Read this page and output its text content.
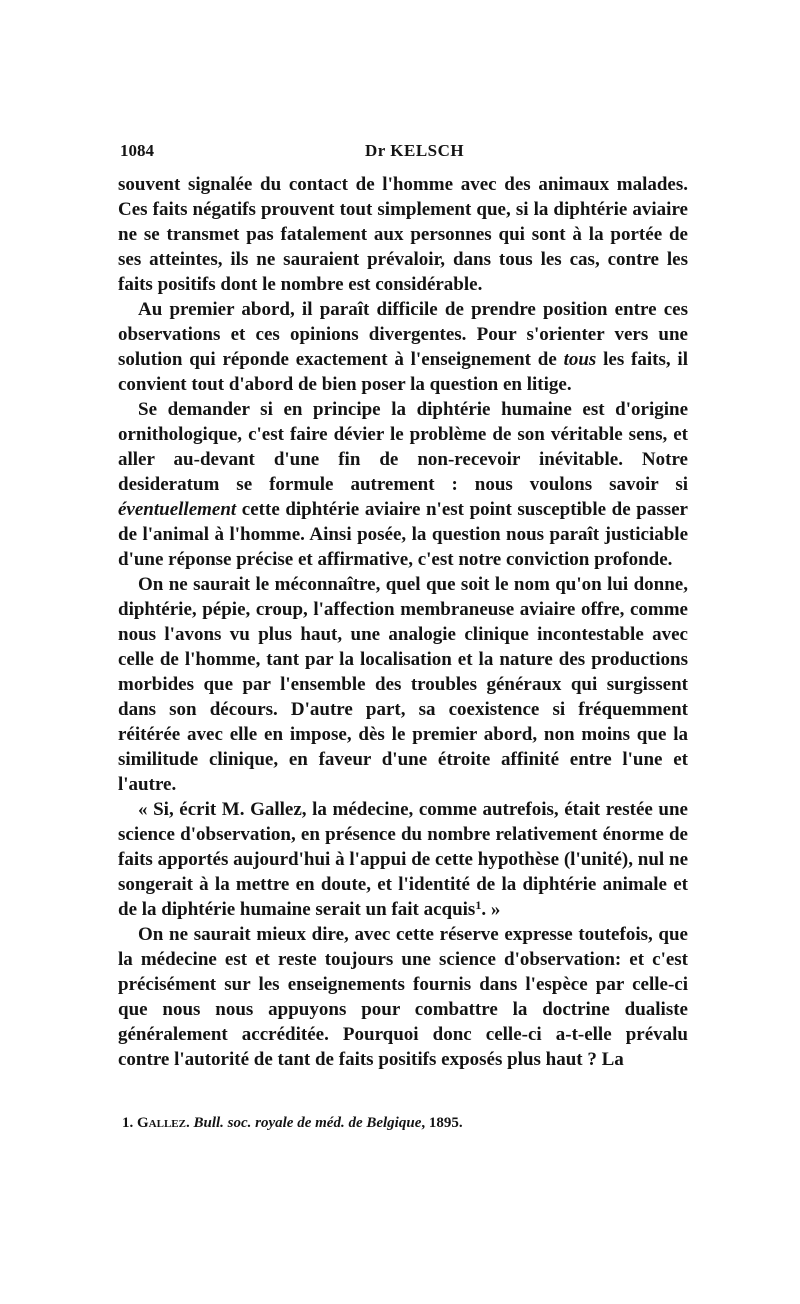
1084	Dr KELSCH

souvent signalée du contact de l'homme avec des animaux malades. Ces faits négatifs prouvent tout simplement que, si la diphtérie aviaire ne se transmet pas fatalement aux personnes qui sont à la portée de ses atteintes, ils ne sauraient prévaloir, dans tous les cas, contre les faits positifs dont le nombre est considérable.

Au premier abord, il paraît difficile de prendre position entre ces observations et ces opinions divergentes. Pour s'orienter vers une solution qui réponde exactement à l'enseignement de tous les faits, il convient tout d'abord de bien poser la question en litige.

Se demander si en principe la diphtérie humaine est d'origine ornithologique, c'est faire dévier le problème de son véritable sens, et aller au-devant d'une fin de non-recevoir inévitable. Notre desideratum se formule autrement : nous voulons savoir si éventuellement cette diphtérie aviaire n'est point susceptible de passer de l'animal à l'homme. Ainsi posée, la question nous paraît justiciable d'une réponse précise et affirmative, c'est notre conviction profonde.

On ne saurait le méconnaître, quel que soit le nom qu'on lui donne, diphtérie, pépie, croup, l'affection membraneuse aviaire offre, comme nous l'avons vu plus haut, une analogie clinique incontestable avec celle de l'homme, tant par la localisation et la nature des productions morbides que par l'ensemble des troubles généraux qui surgissent dans son décours. D'autre part, sa coexistence si fréquemment réitérée avec elle en impose, dès le premier abord, non moins que la similitude clinique, en faveur d'une étroite affinité entre l'une et l'autre.

« Si, écrit M. Gallez, la médecine, comme autrefois, était restée une science d'observation, en présence du nombre relativement énorme de faits apportés aujourd'hui à l'appui de cette hypothèse (l'unité), nul ne songerait à la mettre en doute, et l'identité de la diphtérie animale et de la diphtérie humaine serait un fait acquis$^1$. »

On ne saurait mieux dire, avec cette réserve expresse toutefois, que la médecine est et reste toujours une science d'observation: et c'est précisément sur les enseignements fournis dans l'espèce par celle-ci que nous nous appuyons pour combattre la doctrine dualiste généralement accréditée. Pourquoi donc celle-ci a-t-elle prévalu contre l'autorité de tant de faits positifs exposés plus haut ? La

1. Gallez. Bull. soc. royale de méd. de Belgique, 1895.
